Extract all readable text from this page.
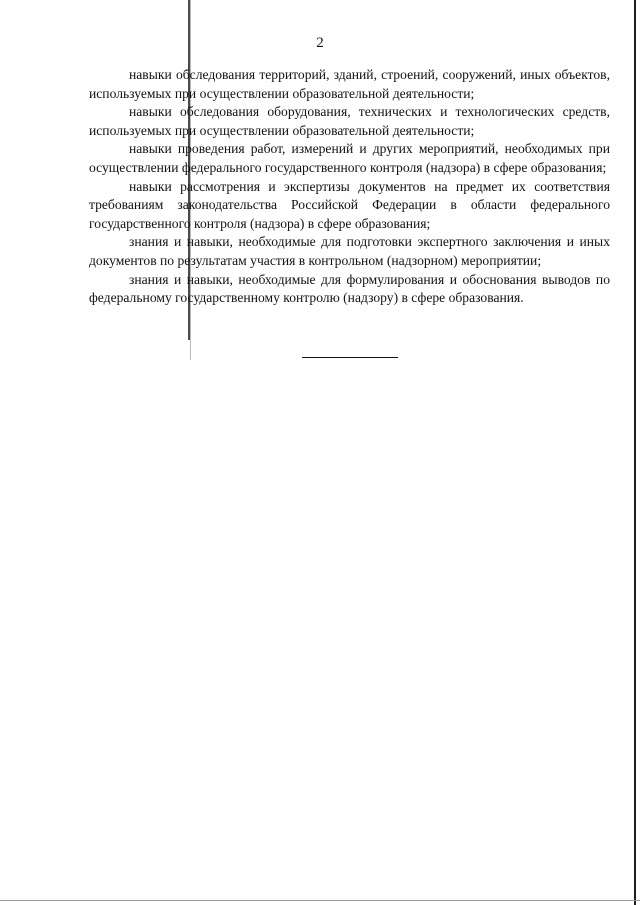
2

навыки обследования территорий, зданий, строений, сооружений, иных объектов, используемых при осуществлении образовательной деятельности;

навыки обследования оборудования, технических и технологических средств, используемых при осуществлении образовательной деятельности;

навыки проведения работ, измерений и других мероприятий, необходимых при осуществлении федерального государственного контроля (надзора) в сфере образования;

навыки рассмотрения и экспертизы документов на предмет их соответствия требованиям законодательства Российской Федерации в области федерального государственного контроля (надзора) в сфере образования;

знания и навыки, необходимые для подготовки экспертного заключения и иных документов по результатам участия в контрольном (надзорном) мероприятии;

знания и навыки, необходимые для формулирования и обоснования выводов по федеральному государственному контролю (надзору) в сфере образования.
